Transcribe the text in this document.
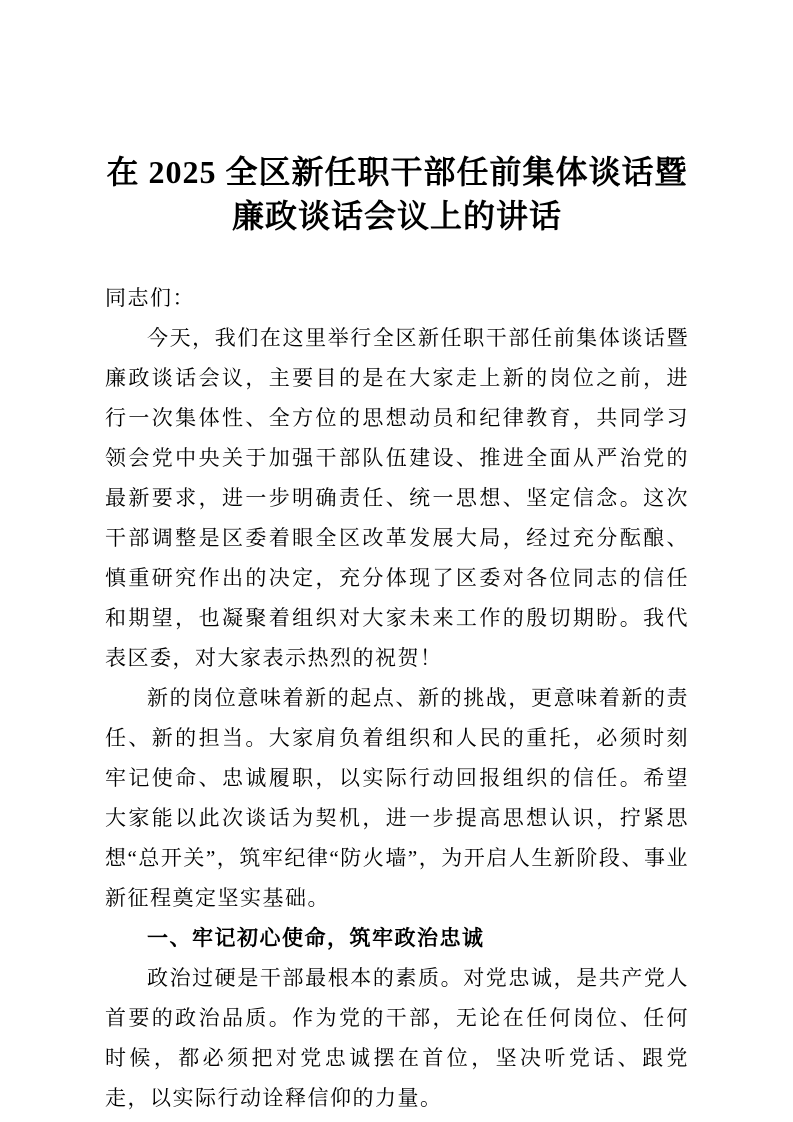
在 2025 全区新任职干部任前集体谈话暨
廉政谈话会议上的讲话

同志们：

今天，我们在这里举行全区新任职干部任前集体谈话暨廉政谈话会议，主要目的是在大家走上新的岗位之前，进行一次集体性、全方位的思想动员和纪律教育，共同学习领会党中央关于加强干部队伍建设、推进全面从严治党的最新要求，进一步明确责任、统一思想、坚定信念。这次干部调整是区委着眼全区改革发展大局，经过充分酝酿、慎重研究作出的决定，充分体现了区委对各位同志的信任和期望，也凝聚着组织对大家未来工作的殷切期盼。我代表区委，对大家表示热烈的祝贺！

新的岗位意味着新的起点、新的挑战，更意味着新的责任、新的担当。大家肩负着组织和人民的重托，必须时刻牢记使命、忠诚履职，以实际行动回报组织的信任。希望大家能以此次谈话为契机，进一步提高思想认识，拧紧思想“总开关”，筑牢纪律“防火墙”，为开启人生新阶段、事业新征程奠定坚实基础。

一、牢记初心使命，筑牢政治忠诚

政治过硬是干部最根本的素质。对党忠诚，是共产党人首要的政治品质。作为党的干部，无论在任何岗位、任何时候，都必须把对党忠诚摆在首位，坚决听党话、跟党走，以实际行动诠释信仰的力量。
